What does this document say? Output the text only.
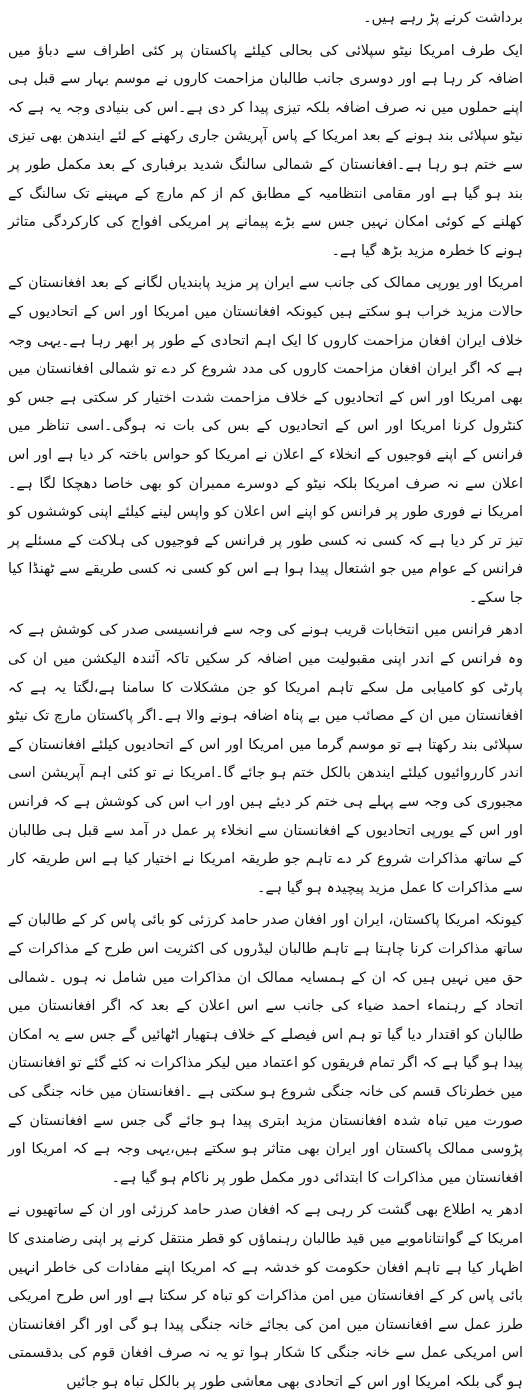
برداشت کرنے پڑ رہے ہیں۔

ایک طرف امریکا نیٹو سپلائی کی بحالی کیلئے پاکستان پر کئی اطراف سے دباؤ میں اضافہ کر رہا ہے اور دوسری جانب طالبان مزاحمت کاروں نے موسم بہار سے قبل ہی اپنے حملوں میں نہ صرف اضافہ بلکہ تیزی پیدا کر دی ہے۔اس کی بنیادی وجہ یہ ہے کہ نیٹو سپلائی بند ہونے کے بعد امریکا کے پاس آپریشن جاری رکھنے کے لئے ایندھن بھی تیزی سے ختم ہو رہا ہے۔افغانستان کے شمالی سالنگ شدید برفباری کے بعد مکمل طور پر بند ہو گیا ہے اور مقامی انتظامیہ کے مطابق کم از کم مارچ کے مہینے تک سالنگ کے کھلنے کے کوئی امکان نہیں جس سے بڑے پیمانے پر امریکی افواج کی کارکردگی متاثر ہونے کا خطرہ مزید بڑھ گیا ہے۔

امریکا اور یورپی ممالک کی جانب سے ایران پر مزید پابندیاں لگانے کے بعد افغانستان کے حالات مزید خراب ہو سکتے ہیں کیونکہ افغانستان میں امریکا اور اس کے اتحادیوں کے خلاف ایران افغان مزاحمت کاروں کا ایک اہم اتحادی کے طور پر ابھر رہا ہے۔یہی وجہ ہے کہ اگر ایران افغان مزاحمت کاروں کی مدد شروع کر دے تو شمالی افغانستان میں بھی امریکا اور اس کے اتحادیوں کے خلاف مزاحمت شدت اختیار کر سکتی ہے جس کو کنٹرول کرنا امریکا اور اس کے اتحادیوں کے بس کی بات نہ ہوگی۔اسی تناظر میں فرانس کے اپنے فوجیوں کے انخلاء کے اعلان نے امریکا کو حواس باختہ کر دیا ہے اور اس اعلان سے نہ صرف امریکا بلکہ نیٹو کے دوسرے ممبران کو بھی خاصا دھچکا لگا ہے۔امریکا نے فوری طور پر فرانس کو اپنے اس اعلان کو واپس لینے کیلئے اپنی کوششوں کو تیز تر کر دیا ہے کہ کسی نہ کسی طور پر فرانس کے فوجیوں کی ہلاکت کے مسئلے پر فرانس کے عوام میں جو اشتعال پیدا ہوا ہے اس کو کسی نہ کسی طریقے سے ٹھنڈا کیا جا سکے۔

ادھر فرانس میں انتخابات قریب ہونے کی وجہ سے فرانسیسی صدر کی کوشش ہے کہ وہ فرانس کے اندر اپنی مقبولیت میں اضافہ کر سکیں تاکہ آئندہ الیکشن میں ان کی پارٹی کو کامیابی مل سکے تاہم امریکا کو جن مشکلات کا سامنا ہے،لگتا یہ ہے کہ افغانستان میں ان کے مصائب میں بے پناہ اضافہ ہونے والا ہے۔اگر پاکستان مارچ تک نیٹو سپلائی بند رکھتا ہے تو موسم گرما میں امریکا اور اس کے اتحادیوں کیلئے افغانستان کے اندر کارروائیوں کیلئے ایندھن بالکل ختم ہو جائے گا۔امریکا نے تو کئی اہم آپریشن اسی مجبوری کی وجہ سے پہلے ہی ختم کر دیئے ہیں اور اب اس کی کوشش ہے کہ فرانس اور اس کے یورپی اتحادیوں کے افغانستان سے انخلاء پر عمل در آمد سے قبل ہی طالبان کے ساتھ مذاکرات شروع کر دے تاہم جو طریقہ امریکا نے اختیار کیا ہے اس طریقہ کار سے مذاکرات کا عمل مزید پیچیدہ ہو گیا ہے۔

کیونکہ امریکا پاکستان، ایران اور افغان صدر حامد کرزئی کو بائی پاس کر کے طالبان کے ساتھ مذاکرات کرنا چاہتا ہے تاہم طالبان لیڈروں کی اکثریت اس طرح کے مذاکرات کے حق میں نہیں ہیں کہ ان کے ہمسایہ ممالک ان مذاکرات میں شامل نہ ہوں ۔شمالی اتحاد کے رہنماء احمد ضیاء کی جانب سے اس اعلان کے بعد کہ اگر افغانستان میں طالبان کو اقتدار دیا گیا تو ہم اس فیصلے کے خلاف ہتھیار اٹھائیں گے جس سے یہ امکان پیدا ہو گیا ہے کہ اگر تمام فریقوں کو اعتماد میں لیکر مذاکرات نہ کئے گئے تو افغانستان میں خطرناک قسم کی خانہ جنگی شروع ہو سکتی ہے ۔افغانستان میں خانہ جنگی کی صورت میں تباہ شدہ افغانستان مزید ابتری پیدا ہو جائے گی جس سے افغانستان کے پڑوسی ممالک پاکستان اور ایران بھی متاثر ہو سکتے ہیں،یہی وجہ ہے کہ امریکا اور افغانستان میں مذاکرات کا ابتدائی دور مکمل طور پر ناکام ہو گیا ہے۔

ادھر یہ اطلاع بھی گشت کر رہی ہے کہ افغان صدر حامد کرزئی اور ان کے ساتھیوں نے امریکا کے گوانتاناموبے میں قید طالبان رہنماؤں کو قطر منتقل کرنے پر اپنی رضامندی کا اظہار کیا ہے تاہم افغان حکومت کو خدشہ ہے کہ امریکا اپنے مفادات کی خاطر انہیں بائی پاس کر کے افغانستان میں امن مذاکرات کو تباہ کر سکتا ہے اور اس طرح امریکی طرز عمل سے افغانستان میں امن کی بجائے خانہ جنگی پیدا ہو گی اور اگر افغانستان اس امریکی عمل سے خانہ جنگی کا شکار ہوا تو یہ نہ صرف افغان قوم کی بدقسمتی ہو گی بلکہ امریکا اور اس کے اتحادی بھی معاشی طور پر بالکل تباہ ہو جائیں
